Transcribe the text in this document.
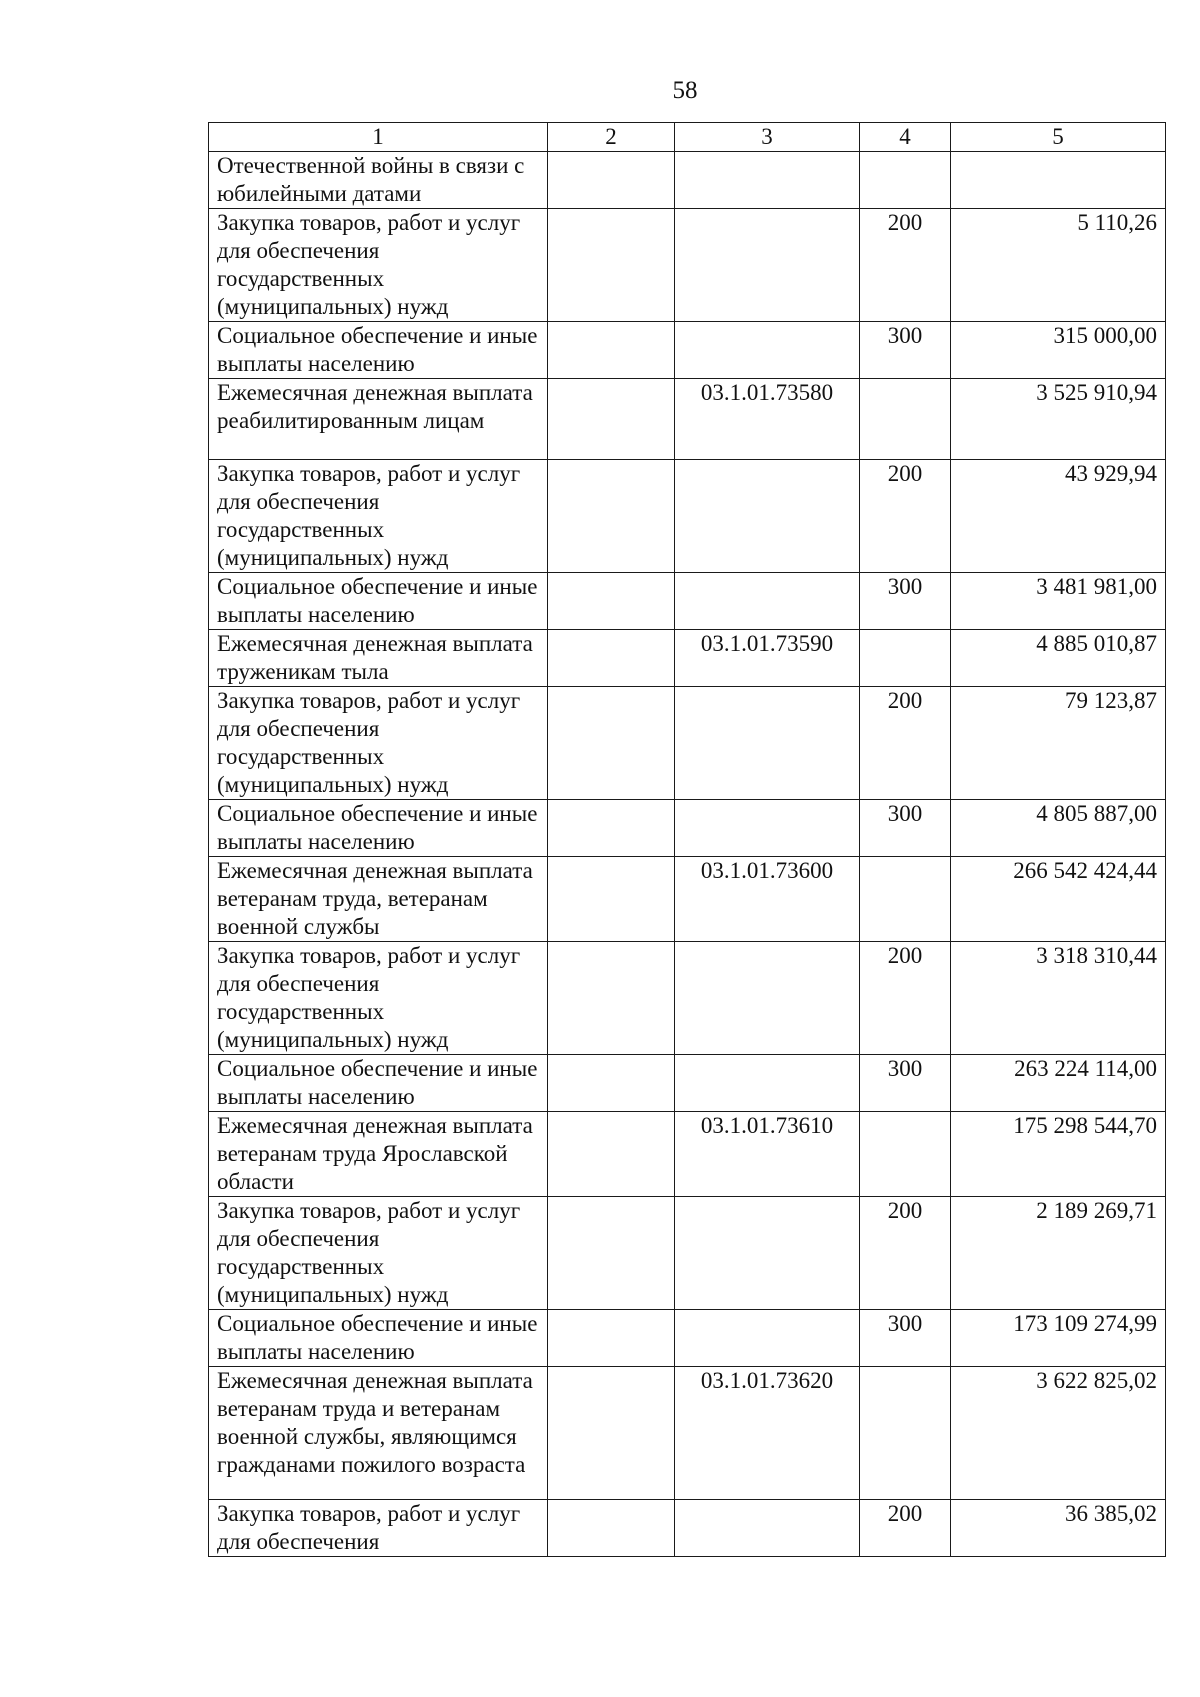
58
1	2	3	4	5
Отечественной войны в связи с юбилейными датами				
Закупка товаров, работ и услуг для обеспечения государственных (муниципальных) нужд			200	5 110,26
Социальное обеспечение и иные выплаты населению			300	315 000,00
Ежемесячная денежная выплата реабилитированным лицам		03.1.01.73580		3 525 910,94
Закупка товаров, работ и услуг для обеспечения государственных (муниципальных) нужд			200	43 929,94
Социальное обеспечение и иные выплаты населению			300	3 481 981,00
Ежемесячная денежная выплата труженикам тыла		03.1.01.73590		4 885 010,87
Закупка товаров, работ и услуг для обеспечения государственных (муниципальных) нужд			200	79 123,87
Социальное обеспечение и иные выплаты населению			300	4 805 887,00
Ежемесячная денежная выплата ветеранам труда, ветеранам военной службы		03.1.01.73600		266 542 424,44
Закупка товаров, работ и услуг для обеспечения государственных (муниципальных) нужд			200	3 318 310,44
Социальное обеспечение и иные выплаты населению			300	263 224 114,00
Ежемесячная денежная выплата ветеранам труда Ярославской области		03.1.01.73610		175 298 544,70
Закупка товаров, работ и услуг для обеспечения государственных (муниципальных) нужд			200	2 189 269,71
Социальное обеспечение и иные выплаты населению			300	173 109 274,99
Ежемесячная денежная выплата ветеранам труда и ветеранам военной службы, являющимся гражданами пожилого возраста		03.1.01.73620		3 622 825,02
Закупка товаров, работ и услуг для обеспечения			200	36 385,02
